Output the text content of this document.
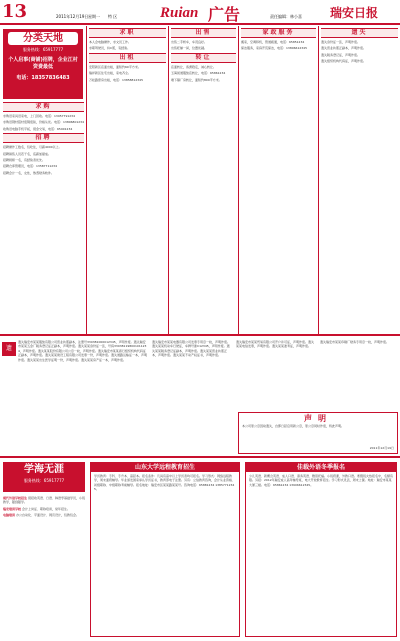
13	2011年12月19日 星期一 特 区	Ruian 广告	责任编辑：林小喜 瑞安日报
分类天地
服务热线：65917777
个人启事(商铺)招牌，企业江村资费最低
电话：18357836483
求购
求购旧家具旧家电，上门回收。电话：13957791234
求购旧钢材铝材废铜废铁，价格从优。电话：13806801234
收购旧电脑手机平板，现金交易，电话：65901234
招聘
招聘操作工数名，包吃住，月薪4000以上。
招聘销售人员若干名，底薪加提成。
招聘厨师一名，有经验者优先。
招聘仓库管理员，电话：13587711234
招聘会计一名，女性，熟悉财务软件。
求职
本人会电脑操作，求文员工作。
求职驾驶员，持C照，有经验。
出租
安阳新区店面出租，面积约60平方米。
瑞祥新区住宅出租，家电齐全。
万松路套房出租，电话：13858812345
出售
出售二手轿车，车况良好。
出售旺铺一间，位置优越。
转让
店面转让，客源稳定，诚心转让。
玉海街道服装店转让，电话：65861234
塘下镇厂房转让，面积约800平方米。
家政服务
搬家，空调移机，管道疏通，电话：65851234
保洁服务，家庭开荒保洁，电话：13806612345
遗失
遗失身份证一张，声明作废。
遗失营业执照正副本，声明作废。
遗失税务登记证，声明作废。
遗失组织机构代码证，声明作废。
遗
遗失瑞安市某某服装有限公司营业执照副本，注册号330381000012345，声明作废。遗失瑞安市某某五金厂税务登记证正副本，声明作废。遗失某某身份证一张，号码330381198001011234，声明作废。遗失某某股份有限公司公章一枚，声明作废。遗失瑞安市某某商行组织机构代码证正副本，声明作废。遗失某某建设工程有限公司发票一份，声明作废。遗失道路运输证一本，声明作废。遗失某某出生医学证明一份，声明作废。遗失某某房产证一本，声明作废。
遗失瑞安市某某电器有限公司发票专用章一枚，声明作废。遗失某某机动车行驶证，车牌号浙C12345，声明作废。遗失某某税务登记证副本，声明作废。遗失某某营业执照正本，声明作废。遗失某某不动产权证书，声明作废。
遗失瑞安市某某贸易有限公司开户许可证，声明作废。遗失某某电信发票，声明作废。遗失某某准考证，声明作废。
遗失瑞安市某某印刷厂财务专用章一枚，声明作废。
声明
本公司原公章因故遗失，自即日起启用新公章，原公章同时作废，特此声明。
2011年12月19日
学海无涯
服务热线：65917777
现代外语学校招生 现招收英语、日语、韩语零基础学员，小班教学，随到随学。
瑞安培训学校 会计上岗证、职称培训，常年招生。
电脑培训 办公自动化、平面设计、网页设计，包教包会。
山东大学远程教育招生
学历教育：专科、专升本、高起本。报名条件：凡具有高中以上学历者均可报名。学习形式：网络远程教学，周末面授辅导。毕业颁发国家承认学历证书，教育部电子注册。另有：立信教育咨询，会计从业资格、初级职称、中级职称考前辅导。报名地址：瑞安市区某某路某某号。咨询电话：65881234 13857712345。
佳载外语冬季报名
少儿英语、新概念英语、成人口语、商务英语、雅思托福。小班授课，外教口语。寒假班火热报名中，名额有限。另招：2012年瑞安成人高考辅导班，电大开放教育招生。学习形式灵活，周末上课。地址：瑞安市某某大厦三楼。电话：65861234 13906612345。
